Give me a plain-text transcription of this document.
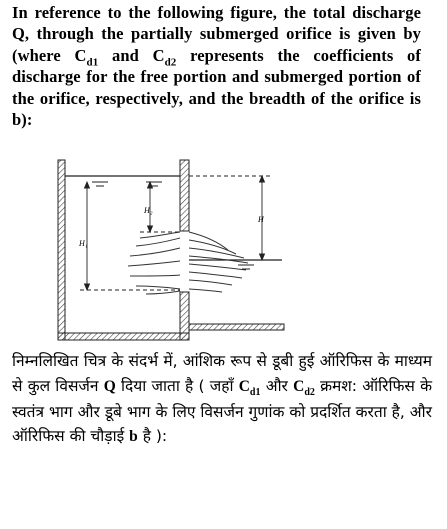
In reference to the following figure, the total discharge Q, through the partially submerged orifice is given by (where $C_{d1}$ and $C_{d2}$ represents the coefficients of discharge for the free portion and submerged portion of the orifice, respectively, and the breadth of the orifice is b):
H₂
H
H₁
निम्नलिखित चित्र के संदर्भ में, आंशिक रूप से डूबी हुई ऑरिफिस के माध्यम से कुल विसर्जन Q दिया जाता है ( जहाँ $C_{d1}$ और $C_{d2}$ क्रमश: ऑरिफिस के स्वतंत्र भाग और डूबे भाग के लिए विसर्जन गुणांक को प्रदर्शित करता है, और ऑरिफिस की चौड़ाई b है ):
